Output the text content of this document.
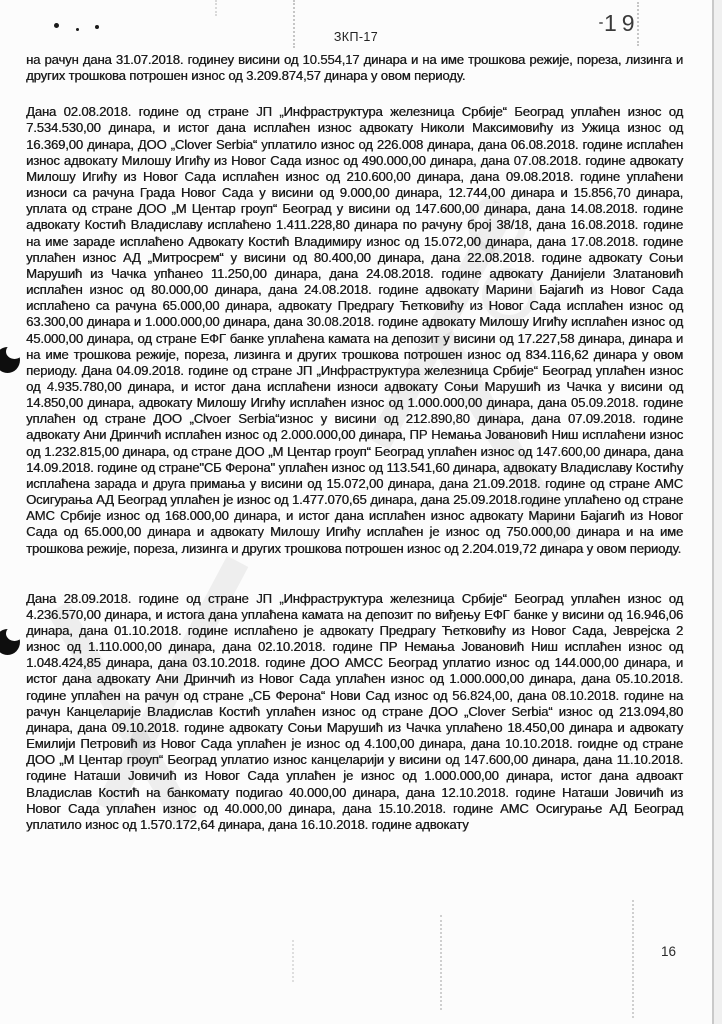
19
ЗКП-17

на рачун дана 31.07.2018. годинеу висини од 10.554,17 динара и на име трошкова режије, пореза, лизинга и других трошкова потрошен износ од 3.209.874,57 динара у овом периоду.

Дана 02.08.2018. године од стране ЈП „Инфраструктура железница Србије“ Београд уплаћен износ од 7.534.530,00 динара, и истог дана исплаћен износ адвокату Николи Максимовићу из Ужица износ од 16.369,00 динара, ДОО „Clover Serbia“ уплатило износ од 226.008 динара, дана 06.08.2018. године исплаћен износ адвокату Милошу Игићу из Новог Сада износ од 490.000,00 динара, дана 07.08.2018. године адвокату Милошу Игићу из Новог Сада исплаћен износ од 210.600,00 динара, дана 09.08.2018. године уплаћени износи са рачуна Града Новог Сада у висини од 9.000,00 динара, 12.744,00 динара и 15.856,70 динара, уплата од стране ДОО „М Центар гроуп“ Београд у висини од 147.600,00 динара, дана 14.08.2018. године адвокату Костић Владиславу исплаћено 1.411.228,80 динара по рачуну број 38/18, дана 16.08.2018. године на име зараде исплаћено Адвокату Костић Владимиру износ од 15.072,00 динара, дана 17.08.2018. године уплаћен износ АД „Митросрем“ у висини од 80.400,00 динара, дана 22.08.2018. године адвокату Соњи Марушић из Чачка упћанео 11.250,00 динара, дана 24.08.2018. године адвокату Данијели Златановић исплаћен износ од 80.000,00 динара, дана 24.08.2018. године адвокату Марини Бајагић из Новог Сада исплаћено са рачуна 65.000,00 динара, адвокату Предрагу Ћетковићу из Новог Сада исплаћен износ од 63.300,00 динара и 1.000.000,00 динара, дана 30.08.2018. године адвокату Милошу Игићу исплаћен износ од 45.000,00 динара, од стране ЕФГ банке уплаћена камата на депозит у висини од 17.227,58 динара, динара и на име трошкова режије, пореза, лизинга и других трошкова потрошен износ од 834.116,62 динара у овом периоду. Дана 04.09.2018. године од стране ЈП „Инфраструктура железница Србије“ Београд уплаћен износ од 4.935.780,00 динара, и истог дана исплаћени износи адвокату Соњи Марушић из Чачка у висини од 14.850,00 динара, адвокату Милошу Игићу исплаћен износ од 1.000.000,00 динара, дана 05.09.2018. године уплаћен од стране ДОО „Clvoer Serbia“износ у висини од 212.890,80 динара, дана 07.09.2018. године адвокату Ани Дринчић исплаћен износ од 2.000.000,00 динара, ПР Немања Јовановић Ниш исплаћени износ од 1.232.815,00 динара, од стране ДОО „М Центар гроуп“ Београд уплаћен износ од 147.600,00 динара, дана 14.09.2018. године од стране"СБ Ферона" уплаћен износ од 113.541,60 динара, адвокату Владиславу Костићу исплаћена зарада и друга примања у висини од 15.072,00 динара, дана 21.09.2018. године од стране АМС Осигурања АД Београд уплаћен је износ од 1.477.070,65 динара, дана 25.09.2018.године уплаћено од стране АМС Србије износ од 168.000,00 динара, и истог дана исплаћен износ адвокату Марини Бајагић из Новог Сада од 65.000,00 динара и адвокату Милошу Игићу исплаћен је износ од 750.000,00 динара и на име трошкова режије, пореза, лизинга и других трошкова потрошен износ од 2.204.019,72 динара у овом периоду.

Дана 28.09.2018. године од стране ЈП „Инфраструктура железница Србије“ Београд уплаћен износ од 4.236.570,00 динара, и истога дана уплаћена камата на депозит по виђењу ЕФГ банке у висини од 16.946,06 динара, дана 01.10.2018. године исплаћено је адвокату Предрагу Ћетковићу из Новог Сада, Јеврејска 2 износ од 1.110.000,00 динара, дана 02.10.2018. године ПР Немања Јовановић Ниш исплаћен износ од 1.048.424,85 динара, дана 03.10.2018. године ДОО АМСС Београд уплатио износ од 144.000,00 динара, и истог дана адвокату Ани Дринчић из Новог Сада уплаћен износ од 1.000.000,00 динара, дана 05.10.2018. године уплаћен на рачун од стране „СБ Ферона“ Нови Сад износ од 56.824,00, дана 08.10.2018. године на рачун Канцеларије Владислав Костић уплаћен износ од стране ДОО „Clover Serbia“ износ од 213.094,80 динара, дана 09.10.2018. године адвокату Соњи Марушић из Чачка уплаћено 18.450,00 динара и адвокату Емилији Петровић из Новог Сада уплаћен је износ од 4.100,00 динара, дана 10.10.2018. гоидне од стране ДОО „М Центар гроуп“ Београд уплатио износ канцеларији у висини од 147.600,00 динара, дана 11.10.2018. године Наташи Јовичић из Новог Сада уплаћен је износ од 1.000.000,00 динара, истог дана адвоакт Владислав Костић на банкомату подигао 40.000,00 динара, дана 12.10.2018. године Наташи Јовичић из Новог Сада уплаћен износ од 40.000,00 динара, дана 15.10.2018. године АМС Осигурање АД Београд уплатило износ од 1.570.172,64 динара, дана 16.10.2018. године адвокату

16
